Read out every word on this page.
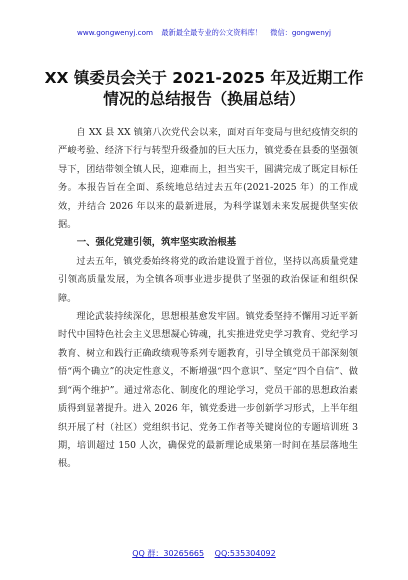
www.gongwenyj.com 最新最全最专业的公文资料库！ 微信：gongwenyj
XX 镇委员会关于 2021-2025 年及近期工作情况的总结报告（换届总结）

自 XX 县 XX 镇第八次党代会以来，面对百年变局与世纪疫情交织的严峻考验、经济下行与转型升级叠加的巨大压力，镇党委在县委的坚强领导下，团结带领全镇人民，迎难而上，担当实干，圆满完成了既定目标任务。本报告旨在全面、系统地总结过去五年(2021-2025 年）的工作成效，并结合 2026 年以来的最新进展，为科学谋划未来发展提供坚实依据。

一、强化党建引领，筑牢坚实政治根基

过去五年，镇党委始终将党的政治建设置于首位，坚持以高质量党建引领高质量发展，为全镇各项事业进步提供了坚强的政治保证和组织保障。

理论武装持续深化，思想根基愈发牢固。镇党委坚持不懈用习近平新时代中国特色社会主义思想凝心铸魂，扎实推进党史学习教育、党纪学习教育、树立和践行正确政绩观等系列专题教育，引导全镇党员干部深刻领悟“两个确立”的决定性意义，不断增强“四个意识”、坚定“四个自信”、做到“两个维护”。通过常态化、制度化的理论学习，党员干部的思想政治素质得到显著提升。进入 2026 年，镇党委进一步创新学习形式，上半年组织开展了村（社区）党组织书记、党务工作者等关键岗位的专题培训班 3 期，培训超过 150 人次，确保党的最新理论成果第一时间在基层落地生根。

QQ 群：30265665 QQ:535304092
